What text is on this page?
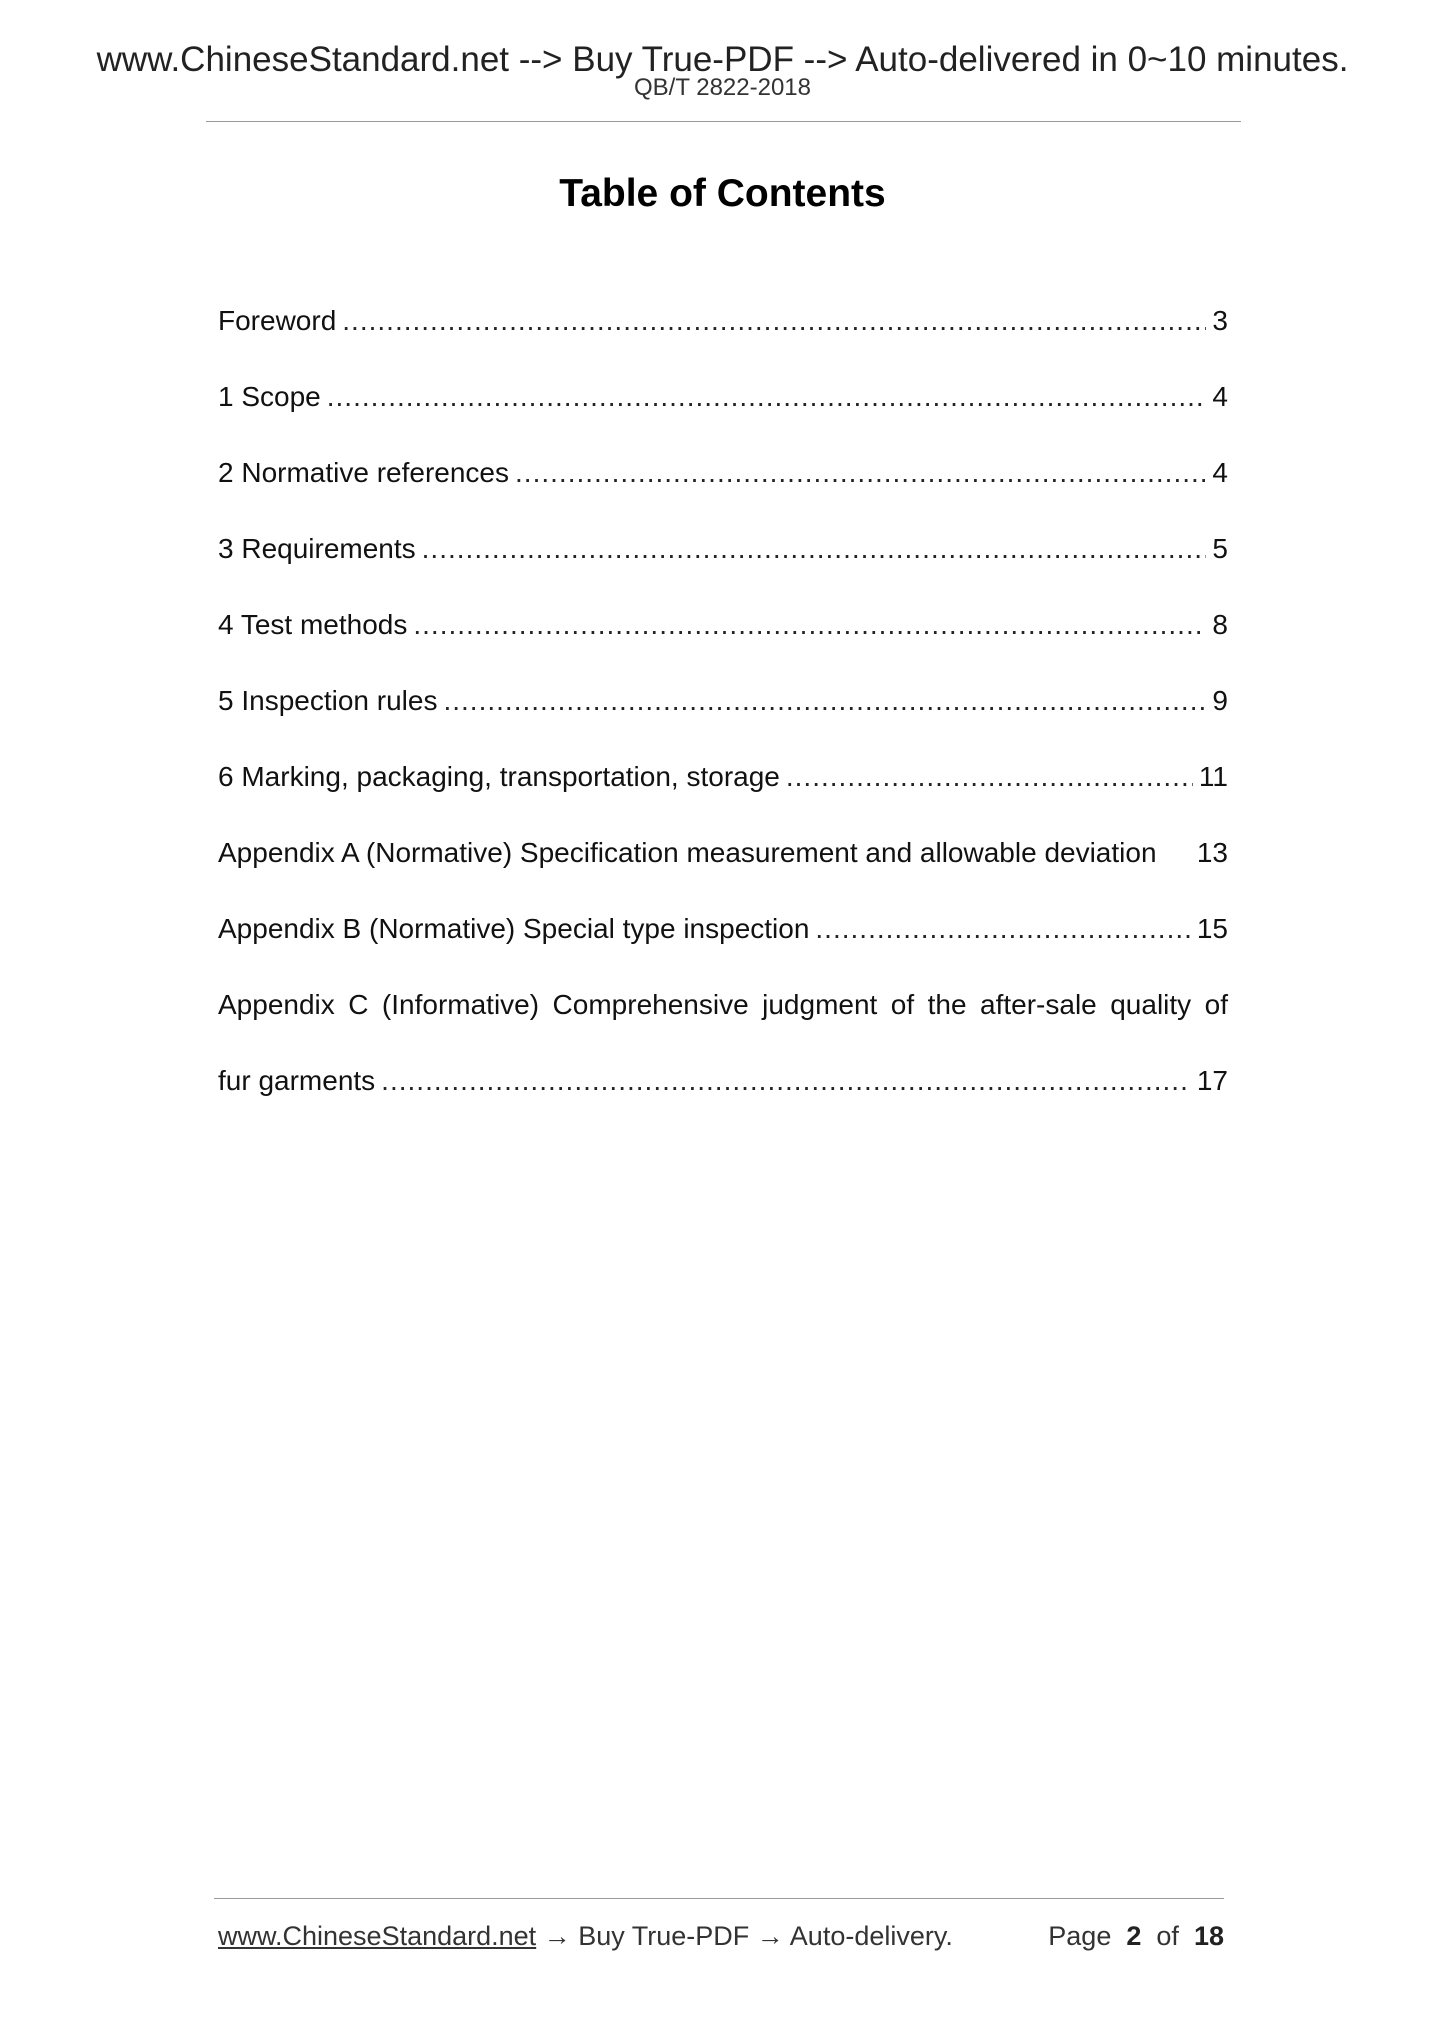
www.ChineseStandard.net --> Buy True-PDF --> Auto-delivered in 0~10 minutes.
QB/T 2822-2018
Table of Contents
Foreword .....	3
1 Scope .....	4
2 Normative references .....	4
3 Requirements .....	5
4 Test methods .....	8
5 Inspection rules .....	9
6 Marking, packaging, transportation, storage .....	11
Appendix A (Normative) Specification measurement and allowable deviation 13
Appendix B (Normative) Special type inspection .....	15
Appendix C (Informative) Comprehensive judgment of the after-sale quality of
fur garments .....	17
www.ChineseStandard.net → Buy True-PDF → Auto-delivery.	Page 2 of 18
